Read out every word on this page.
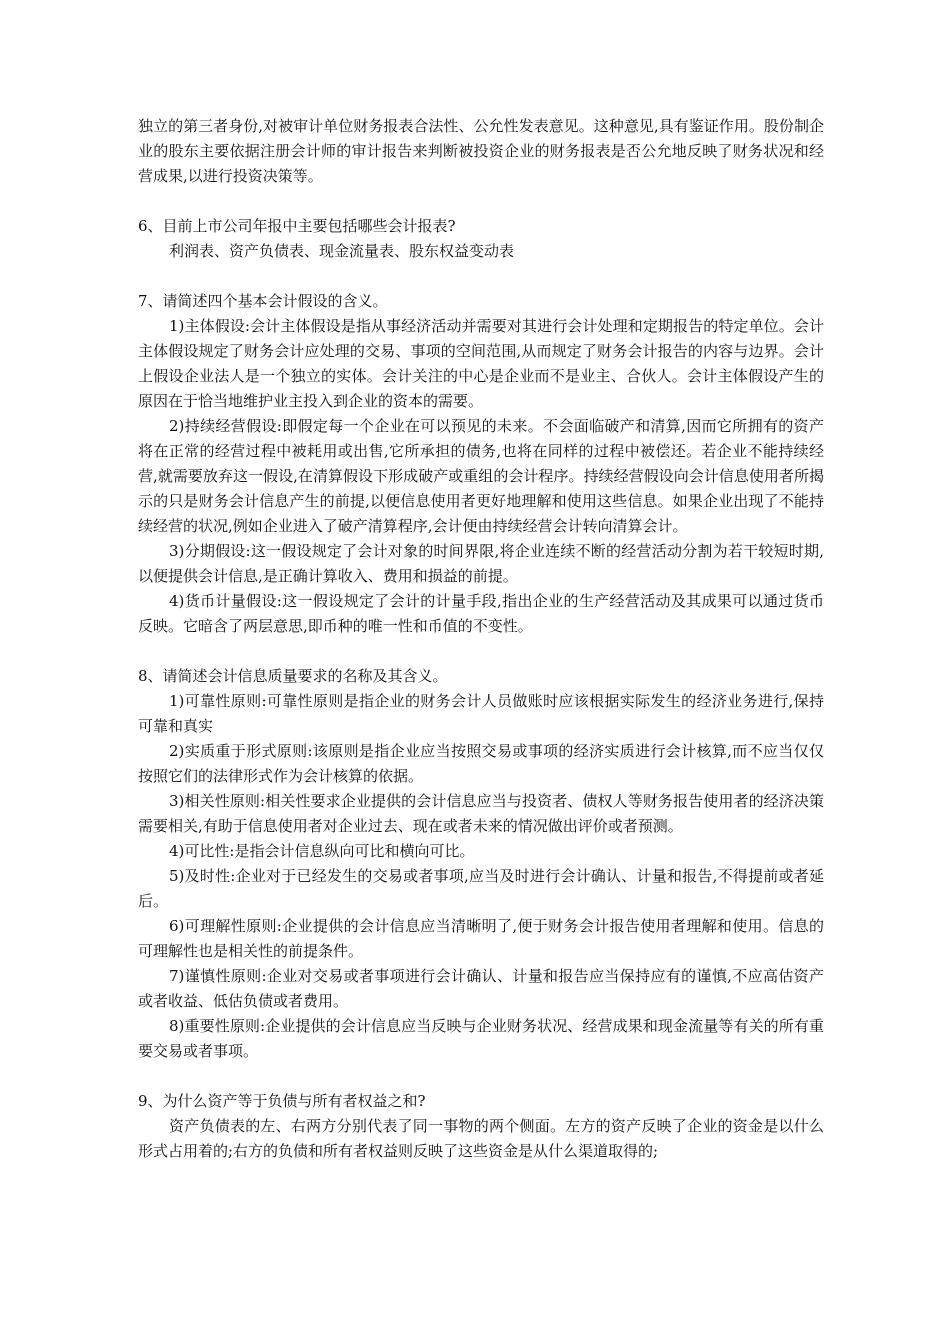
独立的第三者身份,对被审计单位财务报表合法性、公允性发表意见。这种意见,具有鉴证作用。股份制企业的股东主要依据注册会计师的审计报告来判断被投资企业的财务报表是否公允地反映了财务状况和经营成果,以进行投资决策等。

6、目前上市公司年报中主要包括哪些会计报表?

利润表、资产负债表、现金流量表、股东权益变动表

7、请简述四个基本会计假设的含义。

1)主体假设:会计主体假设是指从事经济活动并需要对其进行会计处理和定期报告的特定单位。会计主体假设规定了财务会计应处理的交易、事项的空间范围,从而规定了财务会计报告的内容与边界。会计上假设企业法人是一个独立的实体。会计关注的中心是企业而不是业主、合伙人。会计主体假设产生的原因在于恰当地维护业主投入到企业的资本的需要。

2)持续经营假设:即假定每一个企业在可以预见的未来。不会面临破产和清算,因而它所拥有的资产将在正常的经营过程中被耗用或出售,它所承担的债务,也将在同样的过程中被偿还。若企业不能持续经营,就需要放弃这一假设,在清算假设下形成破产或重组的会计程序。持续经营假设向会计信息使用者所揭示的只是财务会计信息产生的前提,以便信息使用者更好地理解和使用这些信息。如果企业出现了不能持续经营的状况,例如企业进入了破产清算程序,会计便由持续经营会计转向清算会计。

3)分期假设:这一假设规定了会计对象的时间界限,将企业连续不断的经营活动分割为若干较短时期,以便提供会计信息,是正确计算收入、费用和损益的前提。

4)货币计量假设:这一假设规定了会计的计量手段,指出企业的生产经营活动及其成果可以通过货币反映。它暗含了两层意思,即币种的唯一性和币值的不变性。

8、请简述会计信息质量要求的名称及其含义。

1)可靠性原则:可靠性原则是指企业的财务会计人员做账时应该根据实际发生的经济业务进行,保持可靠和真实

2)实质重于形式原则:该原则是指企业应当按照交易或事项的经济实质进行会计核算,而不应当仅仅按照它们的法律形式作为会计核算的依据。

3)相关性原则:相关性要求企业提供的会计信息应当与投资者、债权人等财务报告使用者的经济决策需要相关,有助于信息使用者对企业过去、现在或者未来的情况做出评价或者预测。

4)可比性:是指会计信息纵向可比和横向可比。

5)及时性:企业对于已经发生的交易或者事项,应当及时进行会计确认、计量和报告,不得提前或者延后。

6)可理解性原则:企业提供的会计信息应当清晰明了,便于财务会计报告使用者理解和使用。信息的可理解性也是相关性的前提条件。

7)谨慎性原则:企业对交易或者事项进行会计确认、计量和报告应当保持应有的谨慎,不应高估资产或者收益、低估负债或者费用。

8)重要性原则:企业提供的会计信息应当反映与企业财务状况、经营成果和现金流量等有关的所有重要交易或者事项。

9、为什么资产等于负债与所有者权益之和?

资产负债表的左、右两方分别代表了同一事物的两个侧面。左方的资产反映了企业的资金是以什么形式占用着的;右方的负债和所有者权益则反映了这些资金是从什么渠道取得的;
